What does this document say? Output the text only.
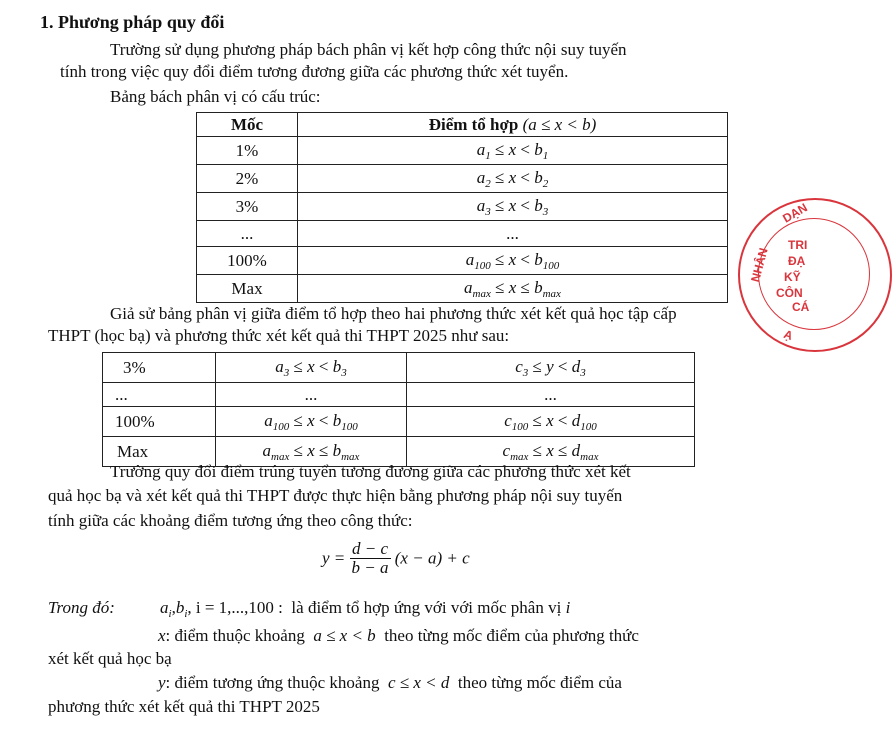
1. Phương pháp quy đổi
Trường sử dụng phương pháp bách phân vị kết hợp công thức nội suy tuyến
tính trong việc quy đổi điểm tương đương giữa các phương thức xét tuyển.
Bảng bách phân vị có cấu trúc:
Mốc	Điểm tổ hợp (a ≤ x < b)
1%	$a_1 \le x < b_1$
2%	$a_2 \le x < b_2$
3%	$a_3 \le x < b_3$
...	...
100%	$a_{100} \le x < b_{100}$
Max	$a_{max} \le x \le b_{max}$
DẠN
NHÂN
TRI
ĐẠ
KỸ
CÔN
CÁ
Ạ
Giả sử bảng phân vị giữa điểm tổ hợp theo hai phương thức xét kết quả học tập cấp
THPT (học bạ) và phương thức xét kết quả thi THPT 2025 như sau:
3%	$a_3 \le x < b_3$	$c_3 \le y < d_3$
...	...	...
100%	$a_{100} \le x < b_{100}$	$c_{100} \le x < d_{100}$
Max	$a_{max} \le x \le b_{max}$	$c_{max} \le x \le d_{max}$
Trường quy đổi điểm trúng tuyển tương đương giữa các phương thức xét kết
quả học bạ và xét kết quả thi THPT được thực hiện bằng phương pháp nội suy tuyến
tính giữa các khoảng điểm tương ứng theo công thức:
$y = \frac{d - c}{b - a} (x - a) + c$
Trong đó:	$a_i,b_i$, i = 1,...,100 : là điểm tổ hợp ứng với với mốc phân vị i
x: điểm thuộc khoảng a ≤ x < b theo từng mốc điểm của phương thức
xét kết quả học bạ
y: điểm tương ứng thuộc khoảng c ≤ x < d theo từng mốc điểm của
phương thức xét kết quả thi THPT 2025
